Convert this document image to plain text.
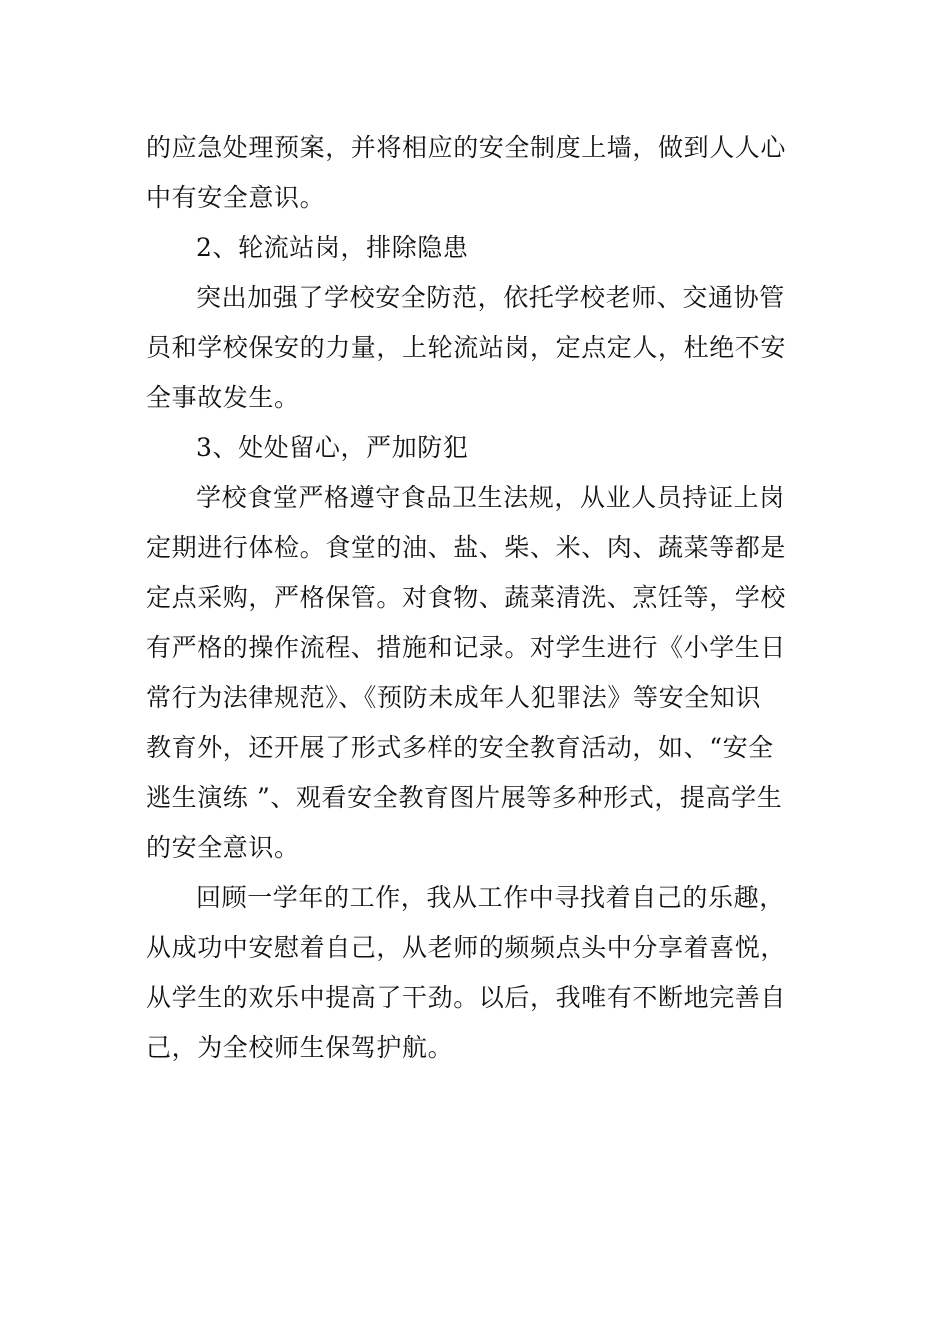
的应急处理预案，并将相应的安全制度上墙，做到人人心
中有安全意识。
2、轮流站岗，排除隐患
突出加强了学校安全防范，依托学校老师、交通协管
员和学校保安的力量，上轮流站岗，定点定人，杜绝不安
全事故发生。
3、处处留心，严加防犯
学校食堂严格遵守食品卫生法规，从业人员持证上岗
定期进行体检。食堂的油、盐、柴、米、肉、蔬菜等都是
定点采购，严格保管。对食物、蔬菜清洗、烹饪等，学校
有严格的操作流程、措施和记录。对学生进行《小学生日
常行为法律规范》、《预防未成年人犯罪法》等安全知识
教育外，还开展了形式多样的安全教育活动，如、“安全
逃生演练 ”、观看安全教育图片展等多种形式，提高学生
的安全意识。
回顾一学年的工作，我从工作中寻找着自己的乐趣，
从成功中安慰着自己，从老师的频频点头中分享着喜悦，
从学生的欢乐中提高了干劲。以后，我唯有不断地完善自
己，为全校师生保驾护航。
